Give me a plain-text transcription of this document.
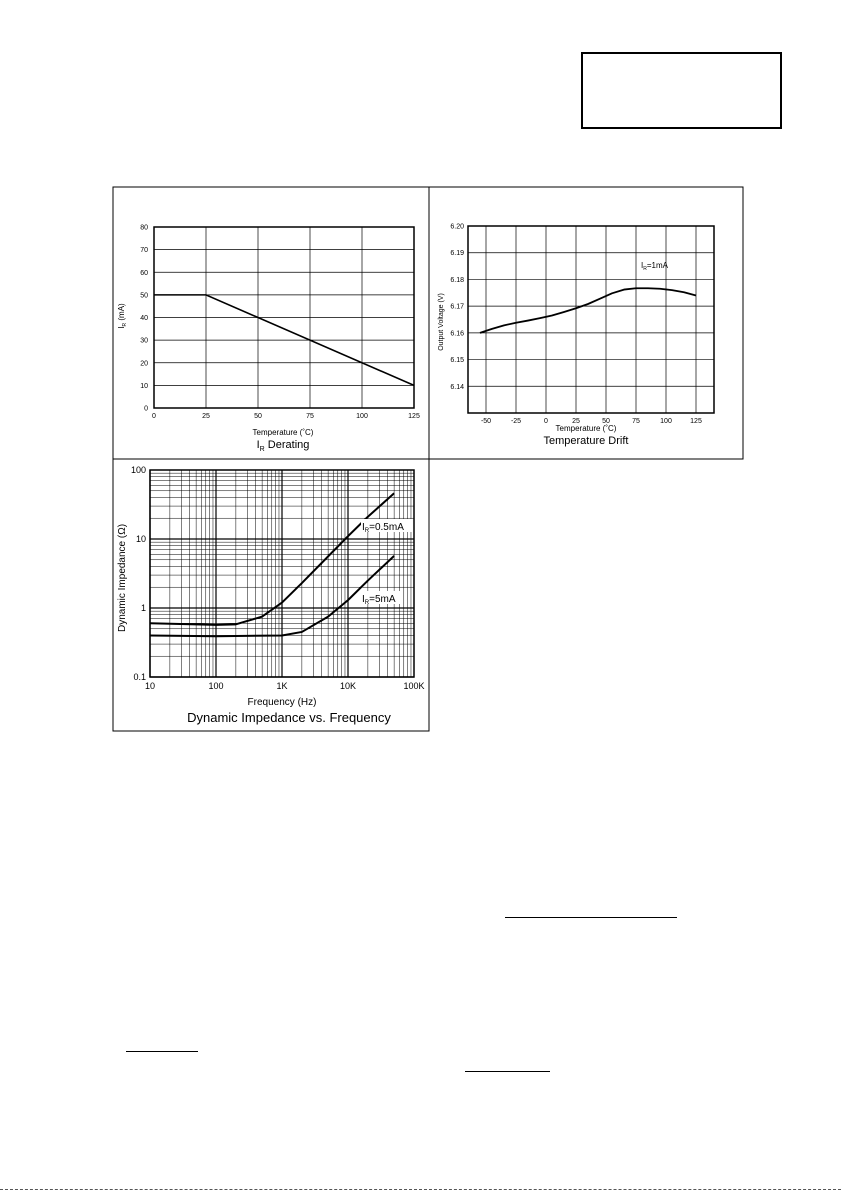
0	25	50	75	100	125
0
10
20
30
40
50
60
70
80
Temperature (˚C)
$I_R$ Derating
$I_R$ (mA)
-50	-25	0	25	50	75	100	125
6.14
6.15
6.16
6.17
6.18
6.19
6.20
Temperature (˚C)
Temperature Drift
Output Voltage (V)
$I_R=1mA$
10	100	1K	10K	100K
0.1
1
10
100
Frequency (Hz)
Dynamic Impedance vs. Frequency
Dynamic Impedance (Ω)	$I_R=0.5mA$
$I_R=5mA$
